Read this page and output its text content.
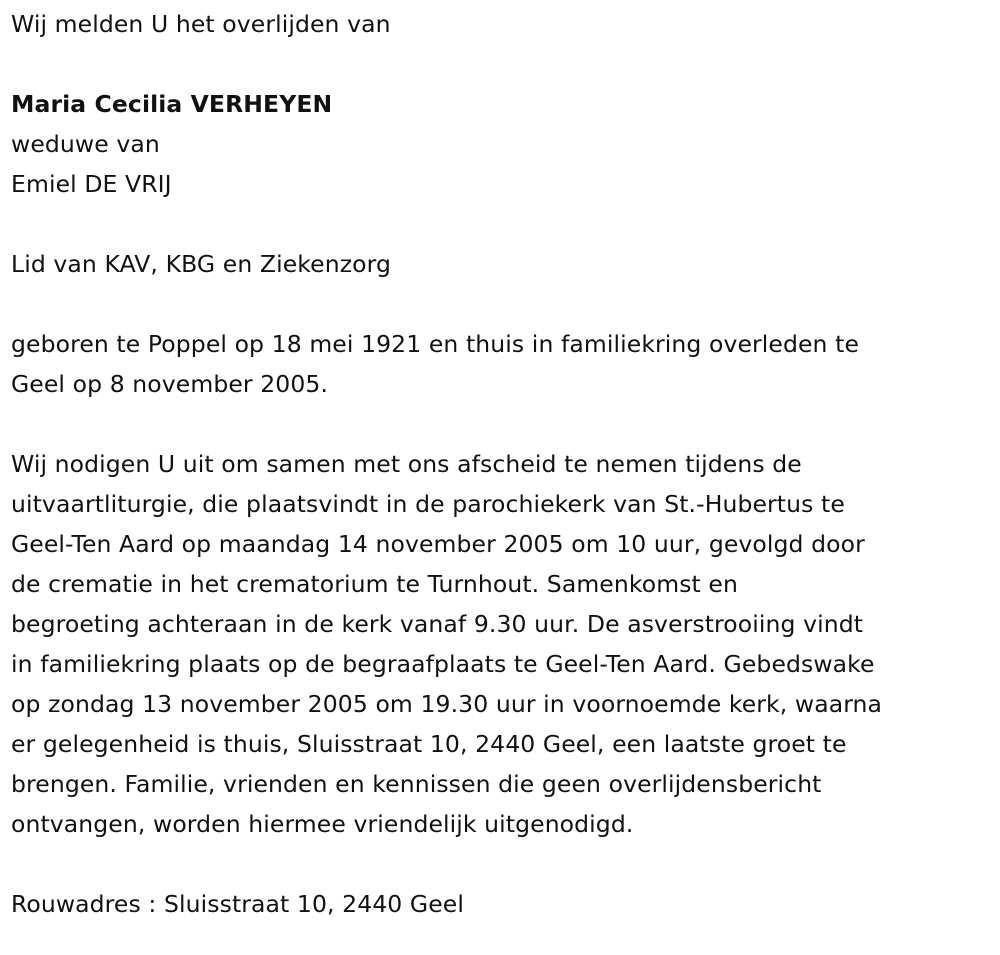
Wij melden U het overlijden van
Maria Cecilia VERHEYEN
weduwe van
Emiel DE VRIJ
Lid van KAV, KBG en Ziekenzorg
geboren te Poppel op 18 mei 1921 en thuis in familiekring overleden te
Geel op 8 november 2005.
Wij nodigen U uit om samen met ons afscheid te nemen tijdens de
uitvaartliturgie, die plaatsvindt in de parochiekerk van St.-Hubertus te
Geel-Ten Aard op maandag 14 november 2005 om 10 uur, gevolgd door
de crematie in het crematorium te Turnhout. Samenkomst en
begroeting achteraan in de kerk vanaf 9.30 uur. De asverstrooiing vindt
in familiekring plaats op de begraafplaats te Geel-Ten Aard. Gebedswake
op zondag 13 november 2005 om 19.30 uur in voornoemde kerk, waarna
er gelegenheid is thuis, Sluisstraat 10, 2440 Geel, een laatste groet te
brengen. Familie, vrienden en kennissen die geen overlijdensbericht
ontvangen, worden hiermee vriendelijk uitgenodigd.
Rouwadres : Sluisstraat 10, 2440 Geel
